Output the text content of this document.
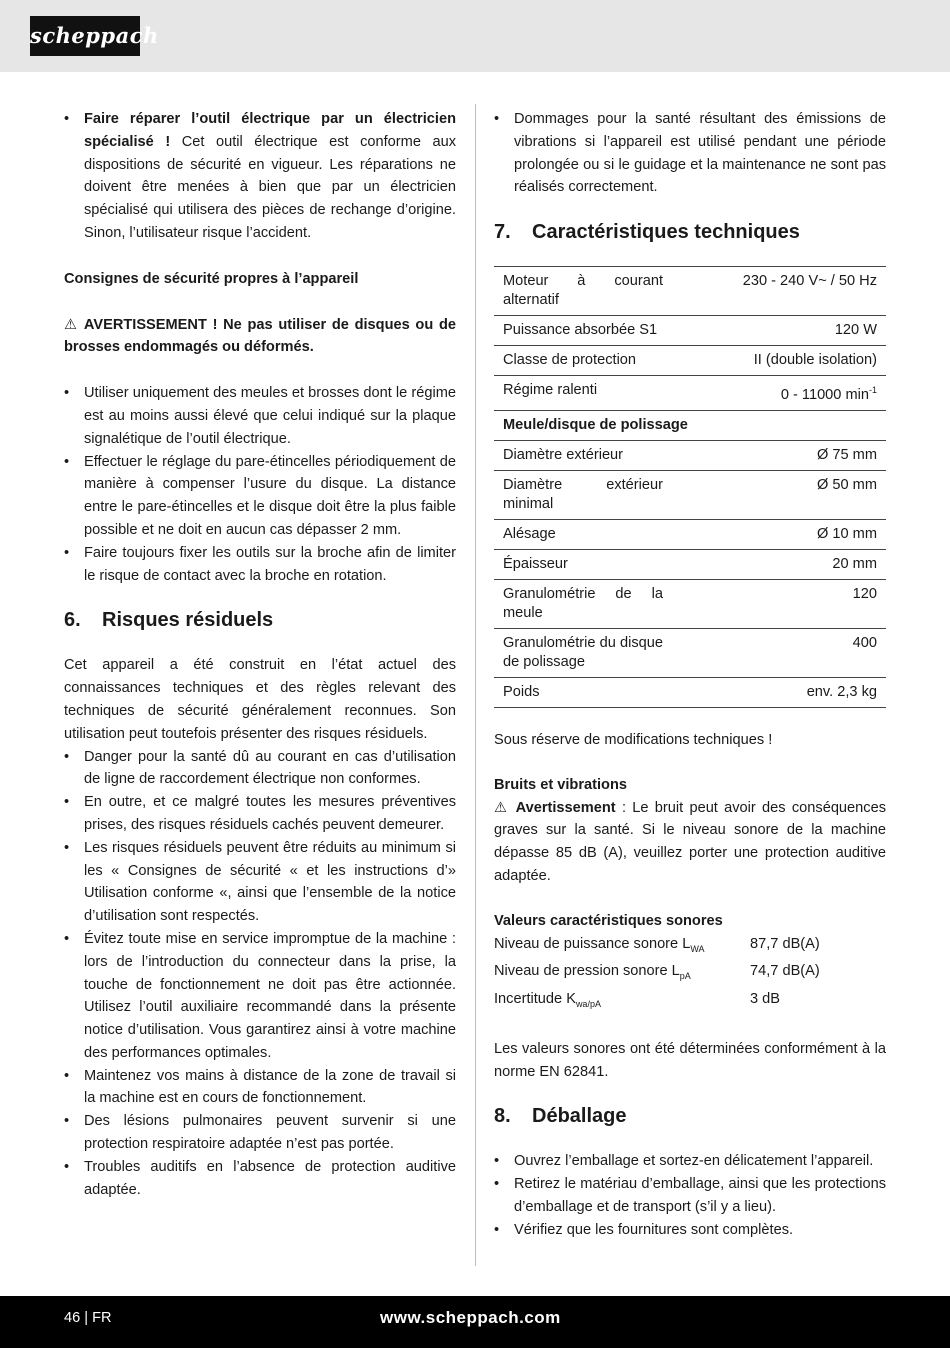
scheppach
• Faire réparer l’outil électrique par un électricien spécialisé ! Cet outil électrique est conforme aux dispositions de sécurité en vigueur. Les réparations ne doivent être menées à bien que par un électricien spécialisé qui utilisera des pièces de rechange d’origine. Sinon, l’utilisateur risque l’accident.

Consignes de sécurité propres à l’appareil

⚠ AVERTISSEMENT ! Ne pas utiliser de disques ou de brosses endommagés ou déformés.

• Utiliser uniquement des meules et brosses dont le régime est au moins aussi élevé que celui indiqué sur la plaque signalétique de l’outil électrique.
• Effectuer le réglage du pare-étincelles périodiquement de manière à compenser l’usure du disque. La distance entre le pare-étincelles et le disque doit être la plus faible possible et ne doit en aucun cas dépasser 2 mm.
• Faire toujours fixer les outils sur la broche afin de limiter le risque de contact avec la broche en rotation.
6.	Risques résiduels

Cet appareil a été construit en l’état actuel des connaissances techniques et des règles relevant des techniques de sécurité généralement reconnues. Son utilisation peut toutefois présenter des risques résiduels.

• Danger pour la santé dû au courant en cas d’utilisation de ligne de raccordement électrique non conformes.
• En outre, et ce malgré toutes les mesures préventives prises, des risques résiduels cachés peuvent demeurer.
• Les risques résiduels peuvent être réduits au minimum si les « Consignes de sécurité « et les instructions d’» Utilisation conforme «, ainsi que l’ensemble de la notice d’utilisation sont respectés.
• Évitez toute mise en service impromptue de la machine : lors de l’introduction du connecteur dans la prise, la touche de fonctionnement ne doit pas être actionnée. Utilisez l’outil auxiliaire recommandé dans la présente notice d’utilisation. Vous garantirez ainsi à votre machine des performances optimales.
• Maintenez vos mains à distance de la zone de travail si la machine est en cours de fonctionnement.
• Des lésions pulmonaires peuvent survenir si une protection respiratoire adaptée n’est pas portée.
• Troubles auditifs en l’absence de protection auditive adaptée.
• Dommages pour la santé résultant des émissions de vibrations si l’appareil est utilisé pendant une période prolongée ou si le guidage et la maintenance ne sont pas réalisés correctement.
7.	Caractéristiques techniques
Moteur à courant alternatif	230 - 240 V~ / 50 Hz
Puissance absorbée S1	120 W
Classe de protection	II (double isolation)
Régime ralenti	0 - 11000 $\min^{-1}$
Meule/disque de polissage	
Diamètre extérieur	Ø 75 mm
Diamètre extérieur minimal	Ø 50 mm
Alésage	Ø 10 mm
Épaisseur	20 mm
Granulométrie de la meule	120
Granulométrie du disque de polissage	400
Poids	env. 2,3 kg

Sous réserve de modifications techniques !

Bruits et vibrations

⚠ Avertissement : Le bruit peut avoir des conséquences graves sur la santé. Si le niveau sonore de la machine dépasse 85 dB (A), veuillez porter une protection auditive adaptée.

Valeurs caractéristiques sonores

Niveau de puissance sonore $L_{WA}$	87,7 dB(A)
Niveau de pression sonore $L_{pA}$	74,7 dB(A)
Incertitude $K_{wa/pA}$	3 dB

Les valeurs sonores ont été déterminées conformément à la norme EN 62841.

8.	Déballage
• Ouvrez l’emballage et sortez-en délicatement l’appareil.
• Retirez le matériau d’emballage, ainsi que les protections d’emballage et de transport (s’il y a lieu).
• Vérifiez que les fournitures sont complètes.
46 | FR	www.scheppach.com
